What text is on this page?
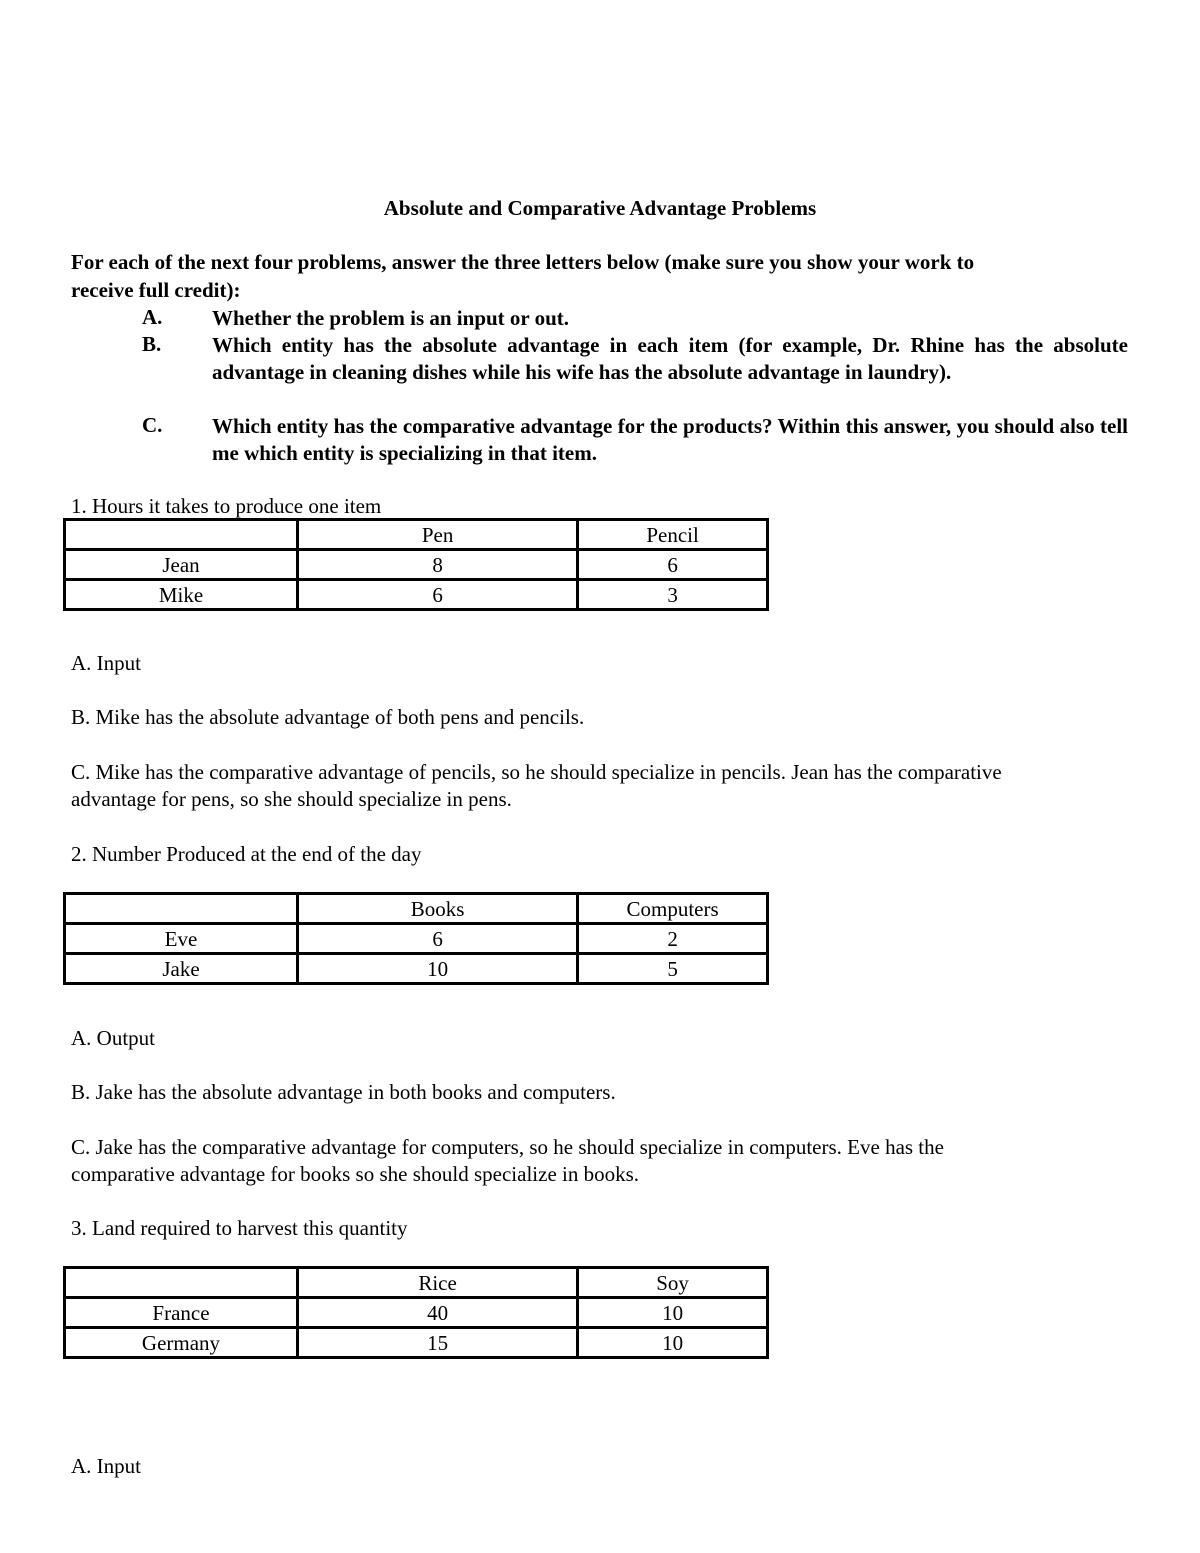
Absolute and Comparative Advantage Problems
For each of the next four problems, answer the three letters below (make sure you show your work to
receive full credit):
A. Whether the problem is an input or out.
B. Which entity has the absolute advantage in each item (for example, Dr. Rhine has the absolute advantage in cleaning dishes while his wife has the absolute advantage in laundry).
C. Which entity has the comparative advantage for the products? Within this answer, you should also tell me which entity is specializing in that item.
1. Hours it takes to produce one item
	Pen	Pencil
Jean	8	6
Mike	6	3
A. Input
B. Mike has the absolute advantage of both pens and pencils.
C. Mike has the comparative advantage of pencils, so he should specialize in pencils. Jean has the comparative
advantage for pens, so she should specialize in pens.
2. Number Produced at the end of the day
	Books	Computers
Eve	6	2
Jake	10	5
A. Output
B. Jake has the absolute advantage in both books and computers.
C. Jake has the comparative advantage for computers, so he should specialize in computers. Eve has the
comparative advantage for books so she should specialize in books.
3. Land required to harvest this quantity
	Rice	Soy
France	40	10
Germany	15	10
A. Input
